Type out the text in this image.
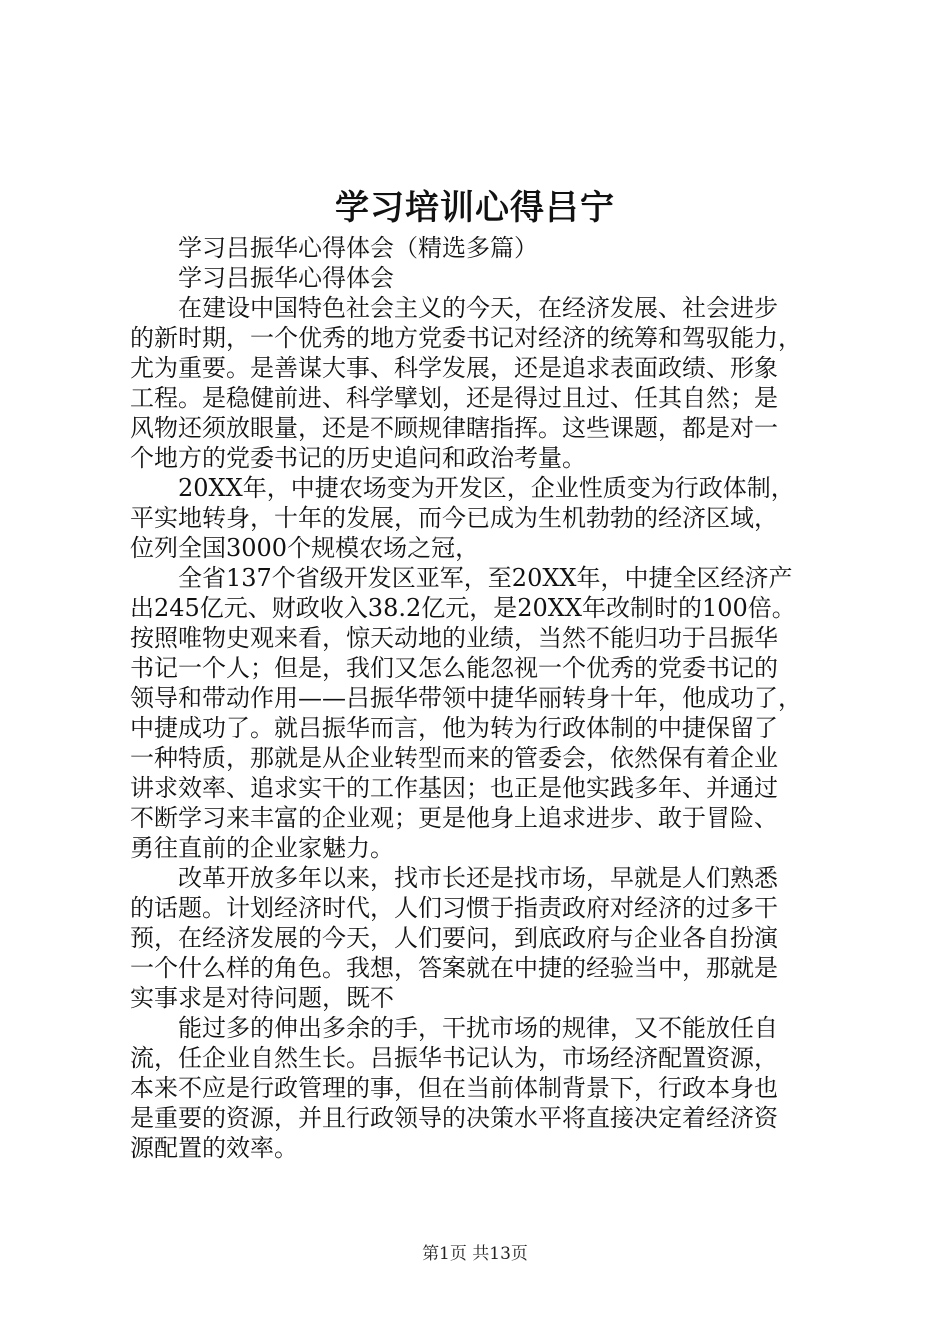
学习培训心得吕宁
学习吕振华心得体会（精选多篇）
学习吕振华心得体会
在建设中国特色社会主义的今天，在经济发展、社会进步
的新时期，一个优秀的地方党委书记对经济的统筹和驾驭能力，
尤为重要。是善谋大事、科学发展，还是追求表面政绩、形象
工程。是稳健前进、科学擘划，还是得过且过、任其自然；是
风物还须放眼量，还是不顾规律瞎指挥。这些课题，都是对一
个地方的党委书记的历史追问和政治考量。
20XX年，中捷农场变为开发区，企业性质变为行政体制，
平实地转身，十年的发展，而今已成为生机勃勃的经济区域，
位列全国3000个规模农场之冠，
全省137个省级开发区亚军，至20XX年，中捷全区经济产
出245亿元、财政收入38.2亿元，是20XX年改制时的100倍。
按照唯物史观来看，惊天动地的业绩，当然不能归功于吕振华
书记一个人；但是，我们又怎么能忽视一个优秀的党委书记的
领导和带动作用——吕振华带领中捷华丽转身十年，他成功了，
中捷成功了。就吕振华而言，他为转为行政体制的中捷保留了
一种特质，那就是从企业转型而来的管委会，依然保有着企业
讲求效率、追求实干的工作基因；也正是他实践多年、并通过
不断学习来丰富的企业观；更是他身上追求进步、敢于冒险、
勇往直前的企业家魅力。
改革开放多年以来，找市长还是找市场，早就是人们熟悉
的话题。计划经济时代，人们习惯于指责政府对经济的过多干
预，在经济发展的今天，人们要问，到底政府与企业各自扮演
一个什么样的角色。我想，答案就在中捷的经验当中，那就是
实事求是对待问题，既不
能过多的伸出多余的手，干扰市场的规律，又不能放任自
流，任企业自然生长。吕振华书记认为，市场经济配置资源，
本来不应是行政管理的事，但在当前体制背景下，行政本身也
是重要的资源，并且行政领导的决策水平将直接决定着经济资
源配置的效率。
第1页 共13页
